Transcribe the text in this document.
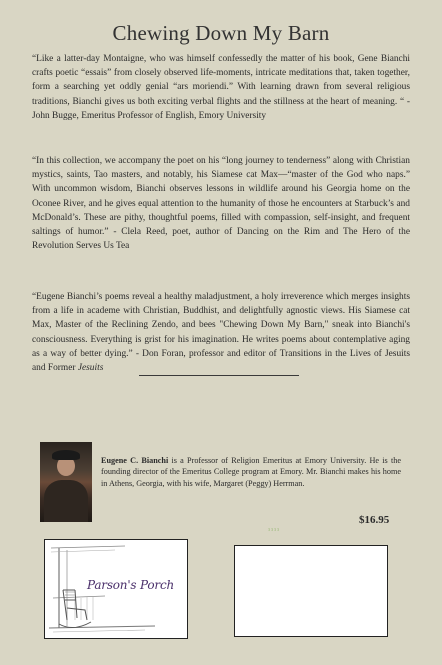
Chewing Down My Barn

“Like a latter-day Montaigne, who was himself confessedly the matter of his book, Gene Bianchi crafts poetic “essais” from closely observed life-moments, intricate meditations that, taken together, form a searching yet oddly genial “ars moriendi.” With learning drawn from several religious traditions, Bianchi gives us both exciting verbal flights and the stillness at the heart of meaning. “ - John Bugge, Emeritus Professor of English, Emory University

“In this collection, we accompany the poet on his “long journey to tenderness” along with Christian mystics, saints, Tao masters, and notably, his Siamese cat Max—“master of the God who naps.” With uncommon wisdom, Bianchi observes lessons in wildlife around his Georgia home on the Oconee River, and he gives equal attention to the humanity of those he encounters at Starbuck’s and McDonald’s. These are pithy, thoughtful poems, filled with compassion, self-insight, and frequent saltings of humor.” - Clela Reed, poet, author of Dancing on the Rim and The Hero of the Revolution Serves Us Tea

“Eugene Bianchi’s poems reveal a healthy maladjustment, a holy irreverence which merges insights from a life in academe with Christian, Buddhist, and delightfully agnostic views. His Siamese cat Max, Master of the Reclining Zendo, and bees "Chewing Down My Barn," sneak into Bianchi's consciousness. Everything is grist for his imagination. He writes poems about contemplative aging as a way of better dying.” - Don Foran, professor and editor of Transitions in the Lives of Jesuits and Former Jesuits

Eugene C. Bianchi is a Professor of Religion Emeritus at Emory University. He is the founding director of the Emeritus College program at Emory. Mr. Bianchi makes his home in Athens, Georgia, with his wife, Margaret (Peggy) Herrman.

$16.95
3 3 3 3
Parson's Porch
